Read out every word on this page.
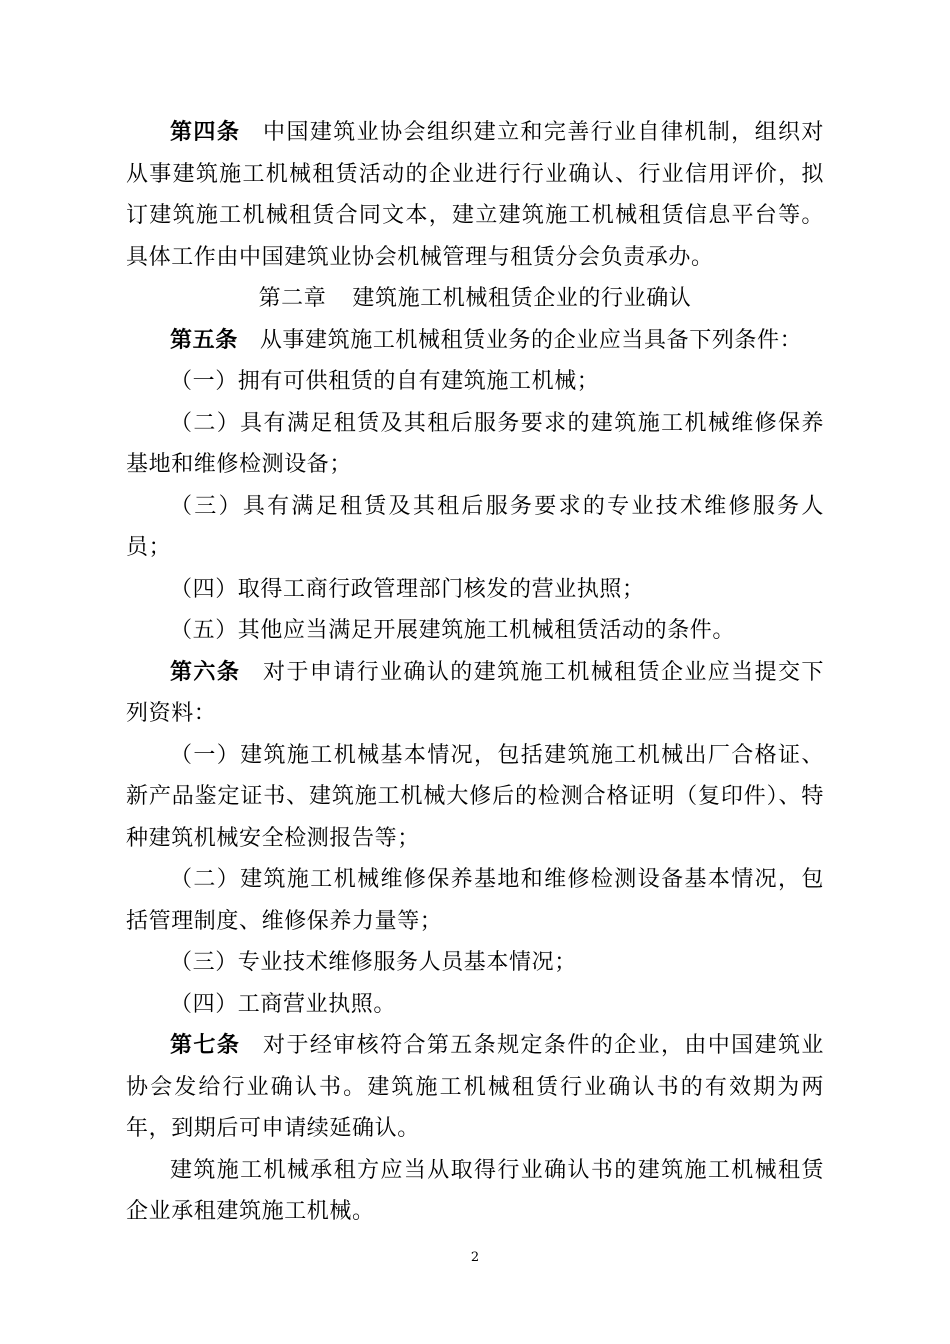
第四条 中国建筑业协会组织建立和完善行业自律机制，组织对从事建筑施工机械租赁活动的企业进行行业确认、行业信用评价，拟订建筑施工机械租赁合同文本，建立建筑施工机械租赁信息平台等。具体工作由中国建筑业协会机械管理与租赁分会负责承办。

第二章 建筑施工机械租赁企业的行业确认

第五条 从事建筑施工机械租赁业务的企业应当具备下列条件：

（一）拥有可供租赁的自有建筑施工机械；

（二）具有满足租赁及其租后服务要求的建筑施工机械维修保养基地和维修检测设备；

（三）具有满足租赁及其租后服务要求的专业技术维修服务人员；

（四）取得工商行政管理部门核发的营业执照；

（五）其他应当满足开展建筑施工机械租赁活动的条件。

第六条 对于申请行业确认的建筑施工机械租赁企业应当提交下列资料：

（一）建筑施工机械基本情况，包括建筑施工机械出厂合格证、新产品鉴定证书、建筑施工机械大修后的检测合格证明（复印件）、特种建筑机械安全检测报告等；

（二）建筑施工机械维修保养基地和维修检测设备基本情况，包括管理制度、维修保养力量等；

（三）专业技术维修服务人员基本情况；

（四）工商营业执照。

第七条 对于经审核符合第五条规定条件的企业，由中国建筑业协会发给行业确认书。建筑施工机械租赁行业确认书的有效期为两年，到期后可申请续延确认。

建筑施工机械承租方应当从取得行业确认书的建筑施工机械租赁企业承租建筑施工机械。

2
